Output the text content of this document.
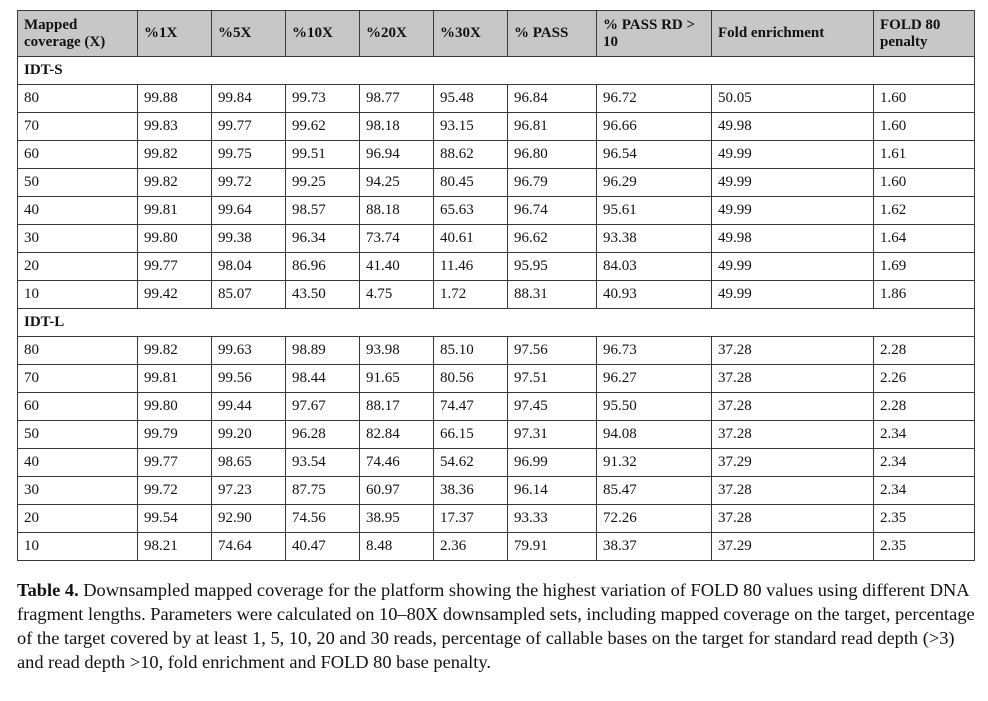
Mapped coverage (X)	%1X	%5X	%10X	%20X	%30X	% PASS	% PASS RD > 10	Fold enrichment	FOLD 80 penalty

IDT-S									
80	99.88	99.84	99.73	98.77	95.48	96.84	96.72	50.05	1.60
70	99.83	99.77	99.62	98.18	93.15	96.81	96.66	49.98	1.60
60	99.82	99.75	99.51	96.94	88.62	96.80	96.54	49.99	1.61
50	99.82	99.72	99.25	94.25	80.45	96.79	96.29	49.99	1.60
40	99.81	99.64	98.57	88.18	65.63	96.74	95.61	49.99	1.62
30	99.80	99.38	96.34	73.74	40.61	96.62	93.38	49.98	1.64
20	99.77	98.04	86.96	41.40	11.46	95.95	84.03	49.99	1.69
10	99.42	85.07	43.50	4.75	1.72	88.31	40.93	49.99	1.86
IDT-L									
80	99.82	99.63	98.89	93.98	85.10	97.56	96.73	37.28	2.28
70	99.81	99.56	98.44	91.65	80.56	97.51	96.27	37.28	2.26
60	99.80	99.44	97.67	88.17	74.47	97.45	95.50	37.28	2.28
50	99.79	99.20	96.28	82.84	66.15	97.31	94.08	37.28	2.34
40	99.77	98.65	93.54	74.46	54.62	96.99	91.32	37.29	2.34
30	99.72	97.23	87.75	60.97	38.36	96.14	85.47	37.28	2.34
20	99.54	92.90	74.56	38.95	17.37	93.33	72.26	37.28	2.35
10	98.21	74.64	40.47	8.48	2.36	79.91	38.37	37.29	2.35
Table 4. Downsampled mapped coverage for the platform showing the highest variation of FOLD 80 values using different DNA fragment lengths. Parameters were calculated on 10–80X downsampled sets, including mapped coverage on the target, percentage of the target covered by at least 1, 5, 10, 20 and 30 reads, percentage of callable bases on the target for standard read depth (>3) and read depth >10, fold enrichment and FOLD 80 base penalty.
